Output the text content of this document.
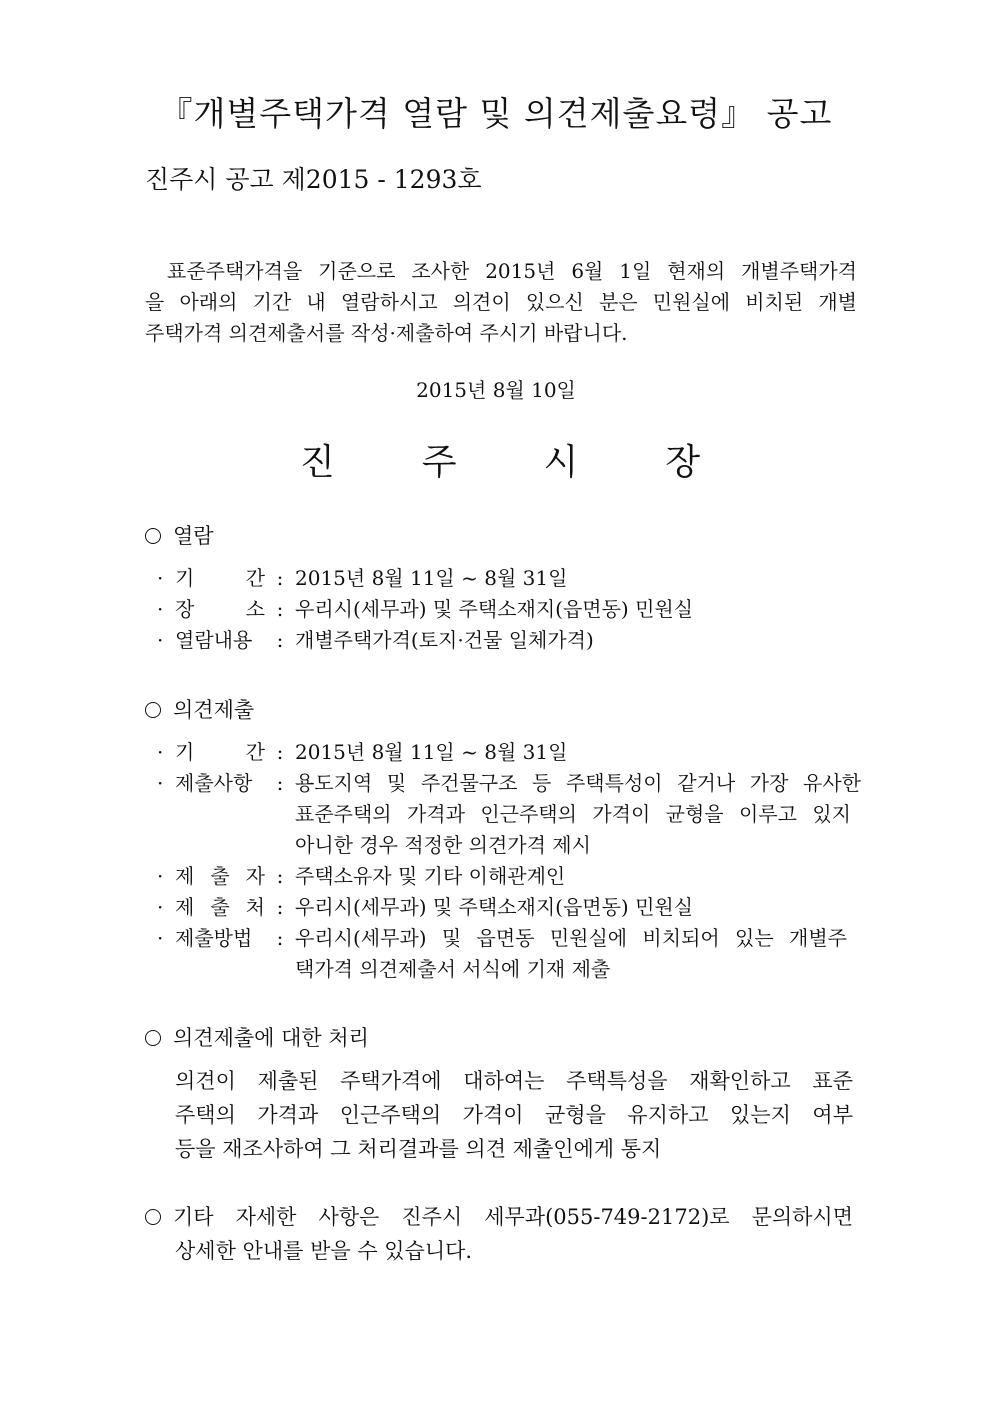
『개별주택가격 열람 및 의견제출요령』 공고
진주시 공고 제2015 - 1293호
표준주택가격을 기준으로 조사한 2015년 6월 1일 현재의 개별주택가격
을 아래의 기간 내 열람하시고 의견이 있으신 분은 민원실에 비치된 개별
주택가격 의견제출서를 작성·제출하여 주시기 바랍니다.
2015년 8월 10일
진 주 시 장
열람
· 기	간 : 2015년 8월 11일 ~ 8월 31일
· 장	소 : 우리시(세무과) 및 주택소재지(읍면동) 민원실
· 열람내용	: 개별주택가격(토지·건물 일체가격)
의견제출
· 기	간 : 2015년 8월 11일 ~ 8월 31일
· 제출사항	: 용도지역 및 주건물구조 등 주택특성이 같거나 가장 유사한
표준주택의 가격과 인근주택의 가격이 균형을 이루고 있지
아니한 경우 적정한 의견가격 제시
· 제 출 자 : 주택소유자 및 기타 이해관계인
· 제 출 처 : 우리시(세무과) 및 주택소재지(읍면동) 민원실
· 제출방법	: 우리시(세무과) 및 읍면동 민원실에 비치되어 있는 개별주
택가격 의견제출서 서식에 기재 제출
의견제출에 대한 처리
의견이 제출된 주택가격에 대하여는 주택특성을 재확인하고 표준
주택의 가격과 인근주택의 가격이 균형을 유지하고 있는지 여부
등을 재조사하여 그 처리결과를 의견 제출인에게 통지
기타 자세한 사항은 진주시 세무과(055-749-2172)로 문의하시면
상세한 안내를 받을 수 있습니다.
